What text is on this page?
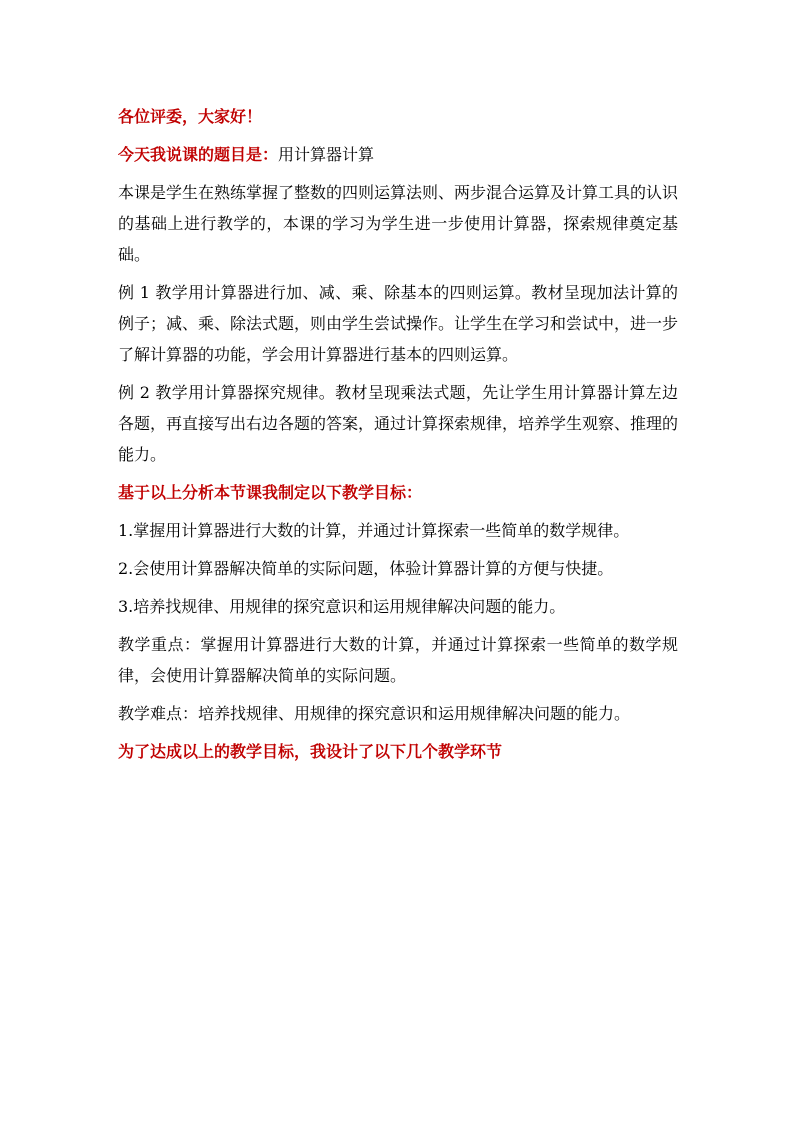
各位评委，大家好！

今天我说课的题目是：用计算器计算

本课是学生在熟练掌握了整数的四则运算法则、两步混合运算及计算工具的认识的基础上进行教学的，本课的学习为学生进一步使用计算器，探索规律奠定基础。

例 1 教学用计算器进行加、减、乘、除基本的四则运算。教材呈现加法计算的例子；减、乘、除法式题，则由学生尝试操作。让学生在学习和尝试中，进一步了解计算器的功能，学会用计算器进行基本的四则运算。

例 2 教学用计算器探究规律。教材呈现乘法式题，先让学生用计算器计算左边各题，再直接写出右边各题的答案，通过计算探索规律，培养学生观察、推理的能力。

基于以上分析本节课我制定以下教学目标：

1.掌握用计算器进行大数的计算，并通过计算探索一些简单的数学规律。

2.会使用计算器解决简单的实际问题，体验计算器计算的方便与快捷。

3.培养找规律、用规律的探究意识和运用规律解决问题的能力。

教学重点：掌握用计算器进行大数的计算，并通过计算探索一些简单的数学规律，会使用计算器解决简单的实际问题。

教学难点：培养找规律、用规律的探究意识和运用规律解决问题的能力。

为了达成以上的教学目标，我设计了以下几个教学环节
